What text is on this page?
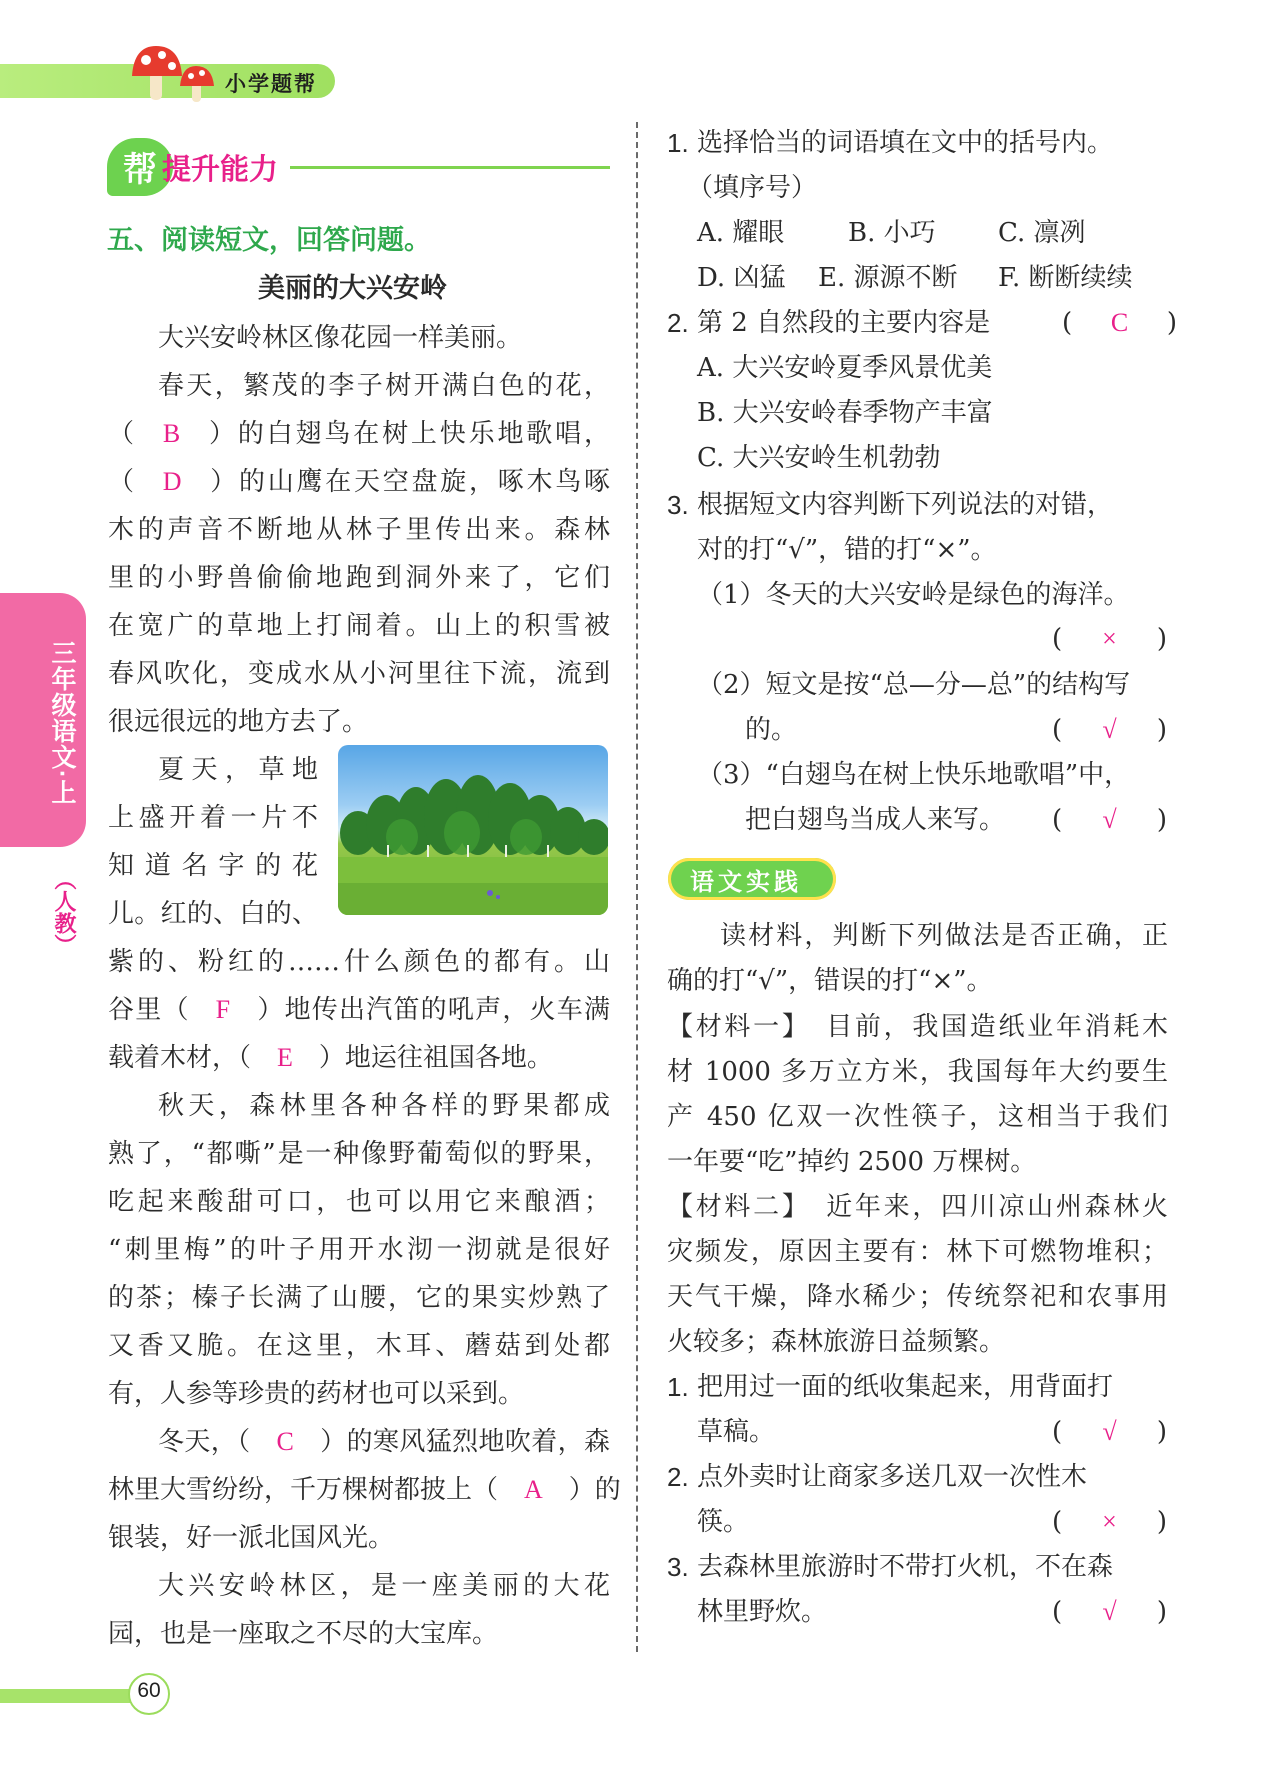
小学题帮
帮 提升能力
五、阅读短文，回答问题。
美丽的大兴安岭
大兴安岭林区像花园一样美丽。
春天，繁茂的李子树开满白色的花，
（  B  ）的白翅鸟在树上快乐地歌唱，
（  D  ）的山鹰在天空盘旋，啄木鸟啄
木的声音不断地从林子里传出来。森林
里的小野兽偷偷地跑到洞外来了，它们
在宽广的草地上打闹着。山上的积雪被
春风吹化，变成水从小河里往下流，流到
很远很远的地方去了。
夏天，草地
上盛开着一片不
知道名字的花
儿。红的、白的、
紫的、粉红的……什么颜色的都有。山
谷里（  F  ）地传出汽笛的吼声，火车满
载着木材，（  E  ）地运往祖国各地。
秋天，森林里各种各样的野果都成
熟了，“都嘶”是一种像野葡萄似的野果，
吃起来酸甜可口，也可以用它来酿酒；
“刺里梅”的叶子用开水沏一沏就是很好
的茶；榛子长满了山腰，它的果实炒熟了
又香又脆。在这里，木耳、蘑菇到处都
有，人参等珍贵的药材也可以采到。
冬天，（  C  ）的寒风猛烈地吹着，森
林里大雪纷纷，千万棵树都披上（  A  ）的
银装，好一派北国风光。
大兴安岭林区，是一座美丽的大花
园，也是一座取之不尽的大宝库。
三年级语文·上
（人教）
1. 选择恰当的词语填在文中的括号内。
（填序号）
A. 耀眼 B. 小巧 C. 凛冽
D. 凶猛 E. 源源不断 F. 断断续续
2. 第 2 自然段的主要内容是	(	C	)
A. 大兴安岭夏季风景优美
B. 大兴安岭春季物产丰富
C. 大兴安岭生机勃勃
3. 根据短文内容判断下列说法的对错，
对的打“√”，错的打“×”。
（1）冬天的大兴安岭是绿色的海洋。
(	×	)
（2）短文是按“总—分—总”的结构写
的。	(	√	)
（3）“白翅鸟在树上快乐地歌唱”中，
把白翅鸟当成人来写。 (	√	)
语文实践
读材料，判断下列做法是否正确，正
确的打“√”，错误的打“×”。
【材料一】　目前，我国造纸业年消耗木
材 1000 多万立方米，我国每年大约要生
产 450 亿双一次性筷子，这相当于我们
一年要“吃”掉约 2500 万棵树。
【材料二】　近年来，四川凉山州森林火
灾频发，原因主要有：林下可燃物堆积；
天气干燥，降水稀少；传统祭祀和农事用
火较多；森林旅游日益频繁。
1. 把用过一面的纸收集起来，用背面打
草稿。	(	√	)
2. 点外卖时让商家多送几双一次性木
筷。	(	×	)
3. 去森林里旅游时不带打火机，不在森
林里野炊。	(	√	)
60
